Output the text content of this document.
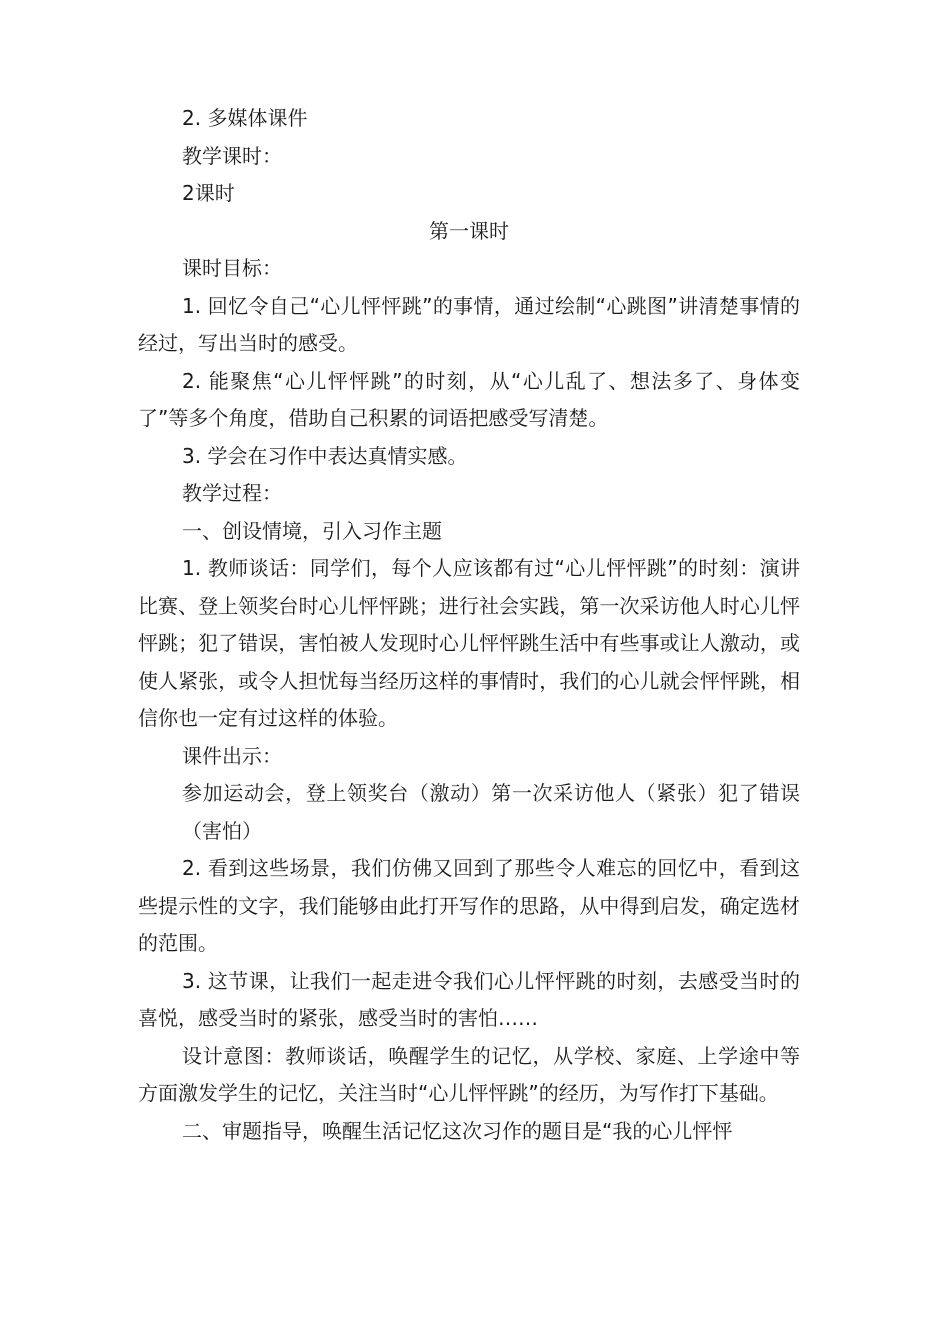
2. 多媒体课件

教学课时：

2课时

第一课时

课时目标：

1. 回忆令自己“心儿怦怦跳”的事情，通过绘制“心跳图”讲清楚事情的经过，写出当时的感受。

2. 能聚焦“心儿怦怦跳”的时刻，从“心儿乱了、想法多了、身体变了”等多个角度，借助自己积累的词语把感受写清楚。

3. 学会在习作中表达真情实感。

教学过程：

一、创设情境，引入习作主题

1. 教师谈话：同学们，每个人应该都有过“心儿怦怦跳”的时刻：演讲比赛、登上领奖台时心儿怦怦跳；进行社会实践，第一次采访他人时心儿怦怦跳；犯了错误，害怕被人发现时心儿怦怦跳生活中有些事或让人激动，或使人紧张，或令人担忧每当经历这样的事情时，我们的心儿就会怦怦跳，相信你也一定有过这样的体验。

课件出示：

参加运动会，登上领奖台（激动）第一次采访他人（紧张）犯了错误（害怕）

2. 看到这些场景，我们仿佛又回到了那些令人难忘的回忆中，看到这些提示性的文字，我们能够由此打开写作的思路，从中得到启发，确定选材的范围。

3. 这节课，让我们一起走进令我们心儿怦怦跳的时刻，去感受当时的喜悦，感受当时的紧张，感受当时的害怕……

设计意图：教师谈话，唤醒学生的记忆，从学校、家庭、上学途中等方面激发学生的记忆，关注当时“心儿怦怦跳”的经历，为写作打下基础。

二、审题指导，唤醒生活记忆这次习作的题目是“我的心儿怦怦
